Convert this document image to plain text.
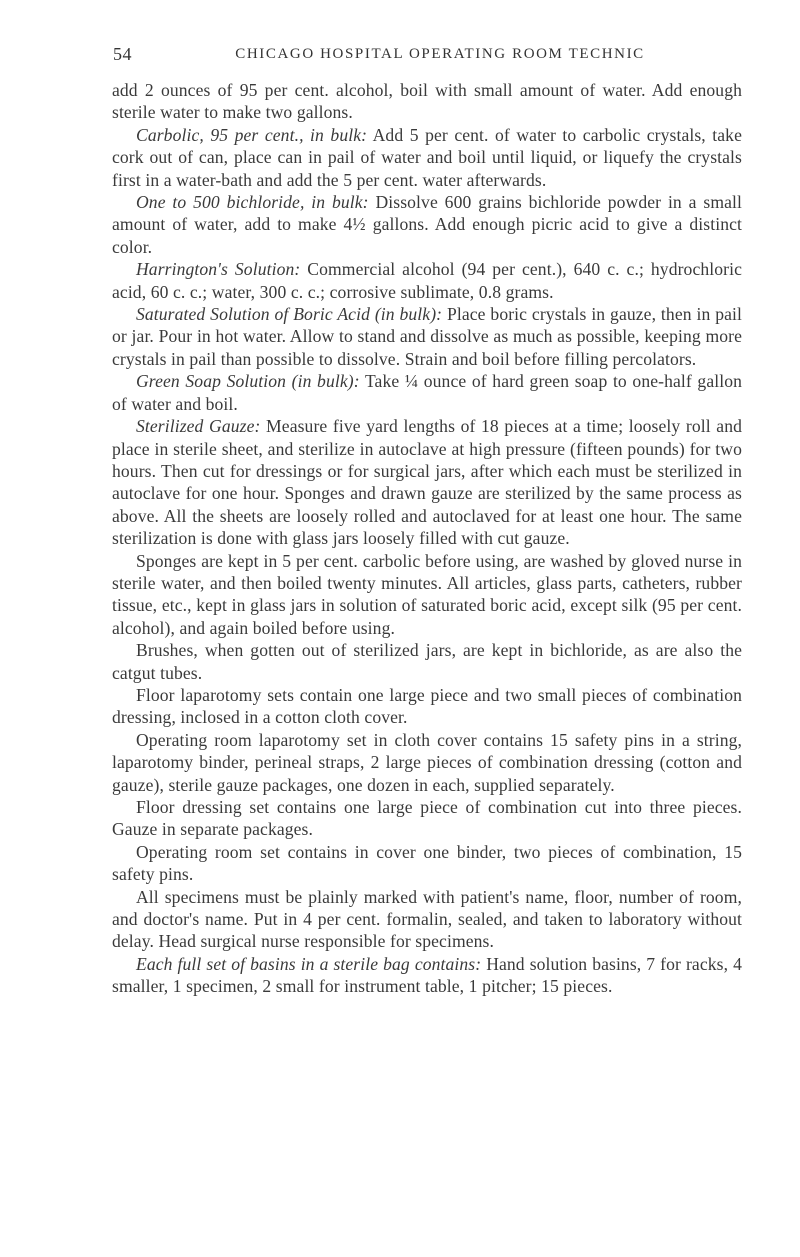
54	CHICAGO HOSPITAL OPERATING ROOM TECHNIC

add 2 ounces of 95 per cent. alcohol, boil with small amount of water. Add enough sterile water to make two gallons.

Carbolic, 95 per cent., in bulk: Add 5 per cent. of water to carbolic crystals, take cork out of can, place can in pail of water and boil until liquid, or liquefy the crystals first in a water-bath and add the 5 per cent. water afterwards.

One to 500 bichloride, in bulk: Dissolve 600 grains bichloride powder in a small amount of water, add to make 4½ gallons. Add enough picric acid to give a distinct color.

Harrington's Solution: Commercial alcohol (94 per cent.), 640 c. c.; hydrochloric acid, 60 c. c.; water, 300 c. c.; corrosive sublimate, 0.8 grams.

Saturated Solution of Boric Acid (in bulk): Place boric crystals in gauze, then in pail or jar. Pour in hot water. Allow to stand and dissolve as much as possible, keeping more crystals in pail than possible to dissolve. Strain and boil before filling percolators.

Green Soap Solution (in bulk): Take ¼ ounce of hard green soap to one-half gallon of water and boil.

Sterilized Gauze: Measure five yard lengths of 18 pieces at a time; loosely roll and place in sterile sheet, and sterilize in autoclave at high pressure (fifteen pounds) for two hours. Then cut for dressings or for surgical jars, after which each must be sterilized in autoclave for one hour. Sponges and drawn gauze are sterilized by the same process as above. All the sheets are loosely rolled and autoclaved for at least one hour. The same sterilization is done with glass jars loosely filled with cut gauze.

Sponges are kept in 5 per cent. carbolic before using, are washed by gloved nurse in sterile water, and then boiled twenty minutes. All articles, glass parts, catheters, rubber tissue, etc., kept in glass jars in solution of saturated boric acid, except silk (95 per cent. alcohol), and again boiled before using.

Brushes, when gotten out of sterilized jars, are kept in bichloride, as are also the catgut tubes.

Floor laparotomy sets contain one large piece and two small pieces of combination dressing, inclosed in a cotton cloth cover.

Operating room laparotomy set in cloth cover contains 15 safety pins in a string, laparotomy binder, perineal straps, 2 large pieces of combination dressing (cotton and gauze), sterile gauze packages, one dozen in each, supplied separately.

Floor dressing set contains one large piece of combination cut into three pieces. Gauze in separate packages.

Operating room set contains in cover one binder, two pieces of combination, 15 safety pins.

All specimens must be plainly marked with patient's name, floor, number of room, and doctor's name. Put in 4 per cent. formalin, sealed, and taken to laboratory without delay. Head surgical nurse responsible for specimens.

Each full set of basins in a sterile bag contains: Hand solution basins, 7 for racks, 4 smaller, 1 specimen, 2 small for instrument table, 1 pitcher; 15 pieces.
